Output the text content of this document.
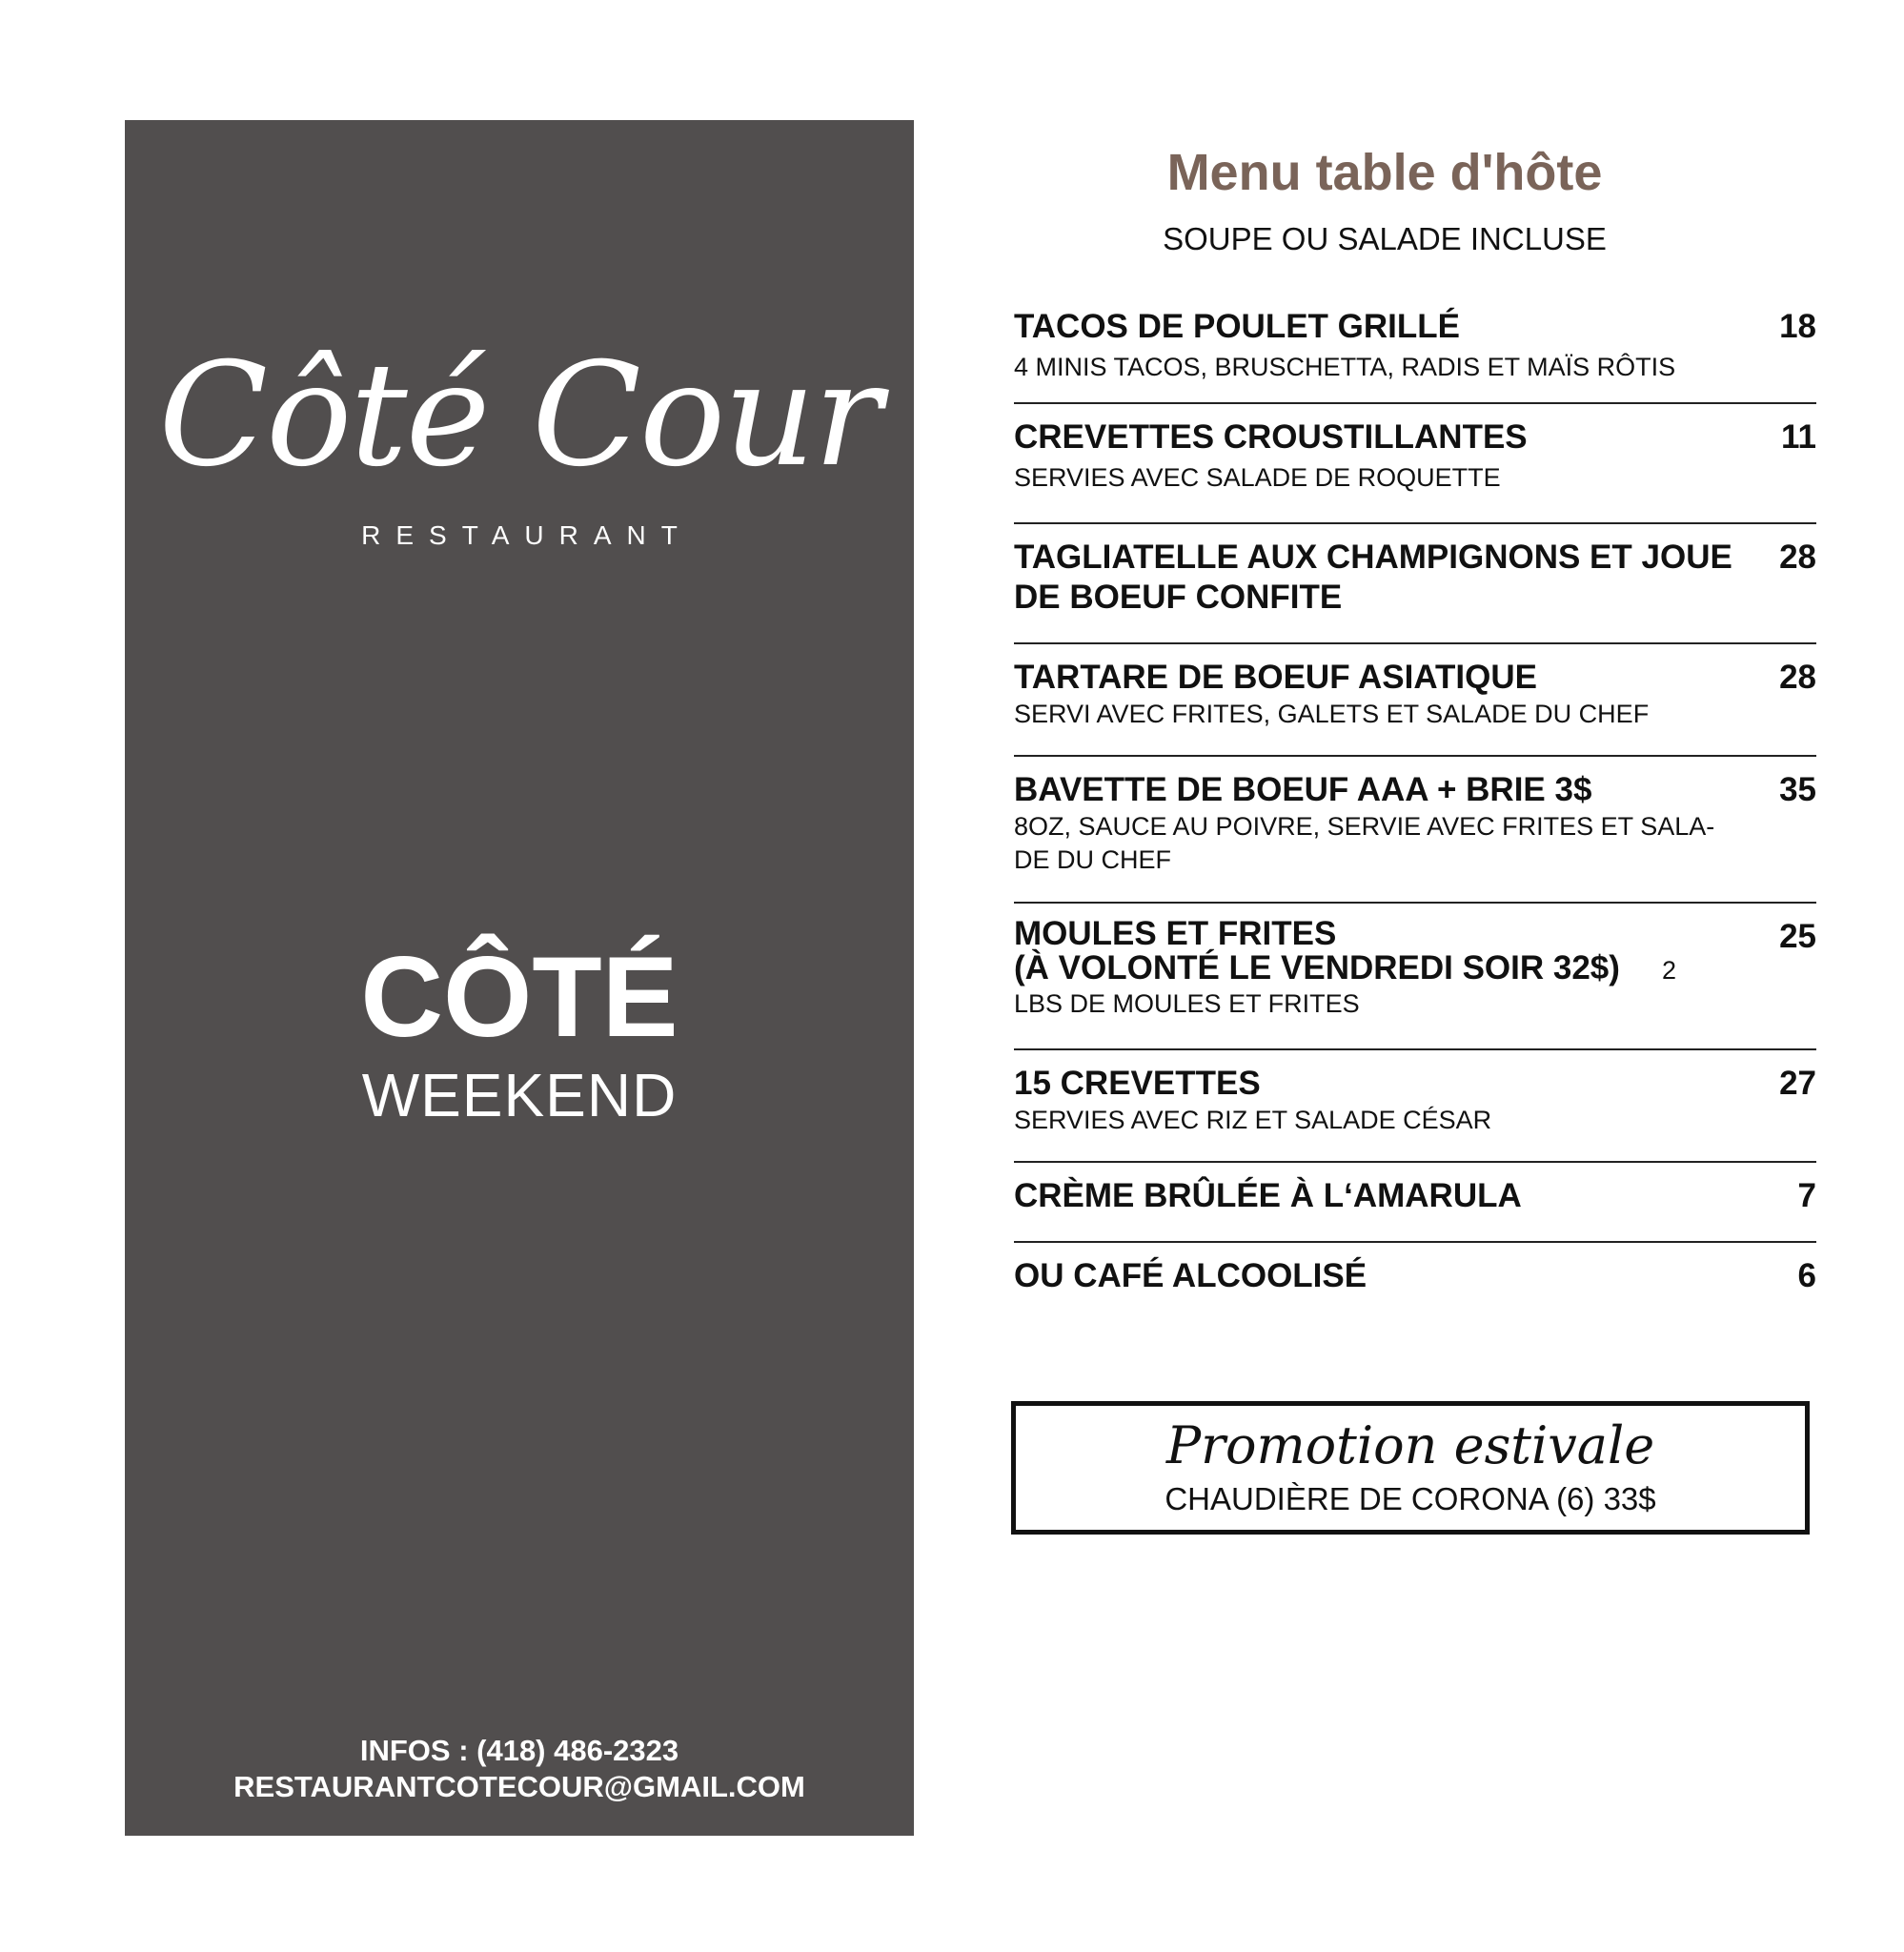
Côté Cour
RESTAURANT
CÔTÉ
WEEKEND
INFOS : (418) 486-2323
RESTAURANTCOTECOUR@GMAIL.COM
Menu table d'hôte
SOUPE OU SALADE INCLUSE
18
TACOS DE POULET GRILLÉ
4 MINIS TACOS, BRUSCHETTA, RADIS ET MAÏS RÔTIS
11
CREVETTES CROUSTILLANTES
SERVIES AVEC SALADE DE ROQUETTE
28
TAGLIATELLE AUX CHAMPIGNONS ET JOUE DE BOEUF CONFITE
28
TARTARE DE BOEUF ASIATIQUE
SERVI AVEC FRITES, GALETS ET SALADE DU CHEF
35
BAVETTE DE BOEUF AAA + BRIE 3$
8OZ, SAUCE AU POIVRE, SERVIE AVEC FRITES ET SALA-DE DU CHEF
25
MOULES ET FRITES
(À VOLONTÉ LE VENDREDI SOIR 32$) 2
LBS DE MOULES ET FRITES
27
15 CREVETTES
SERVIES AVEC RIZ ET SALADE CÉSAR
7
CRÈME BRÛLÉE À L‘AMARULA
6
OU CAFÉ ALCOOLISÉ
Promotion estivale
CHAUDIÈRE DE CORONA (6) 33$
